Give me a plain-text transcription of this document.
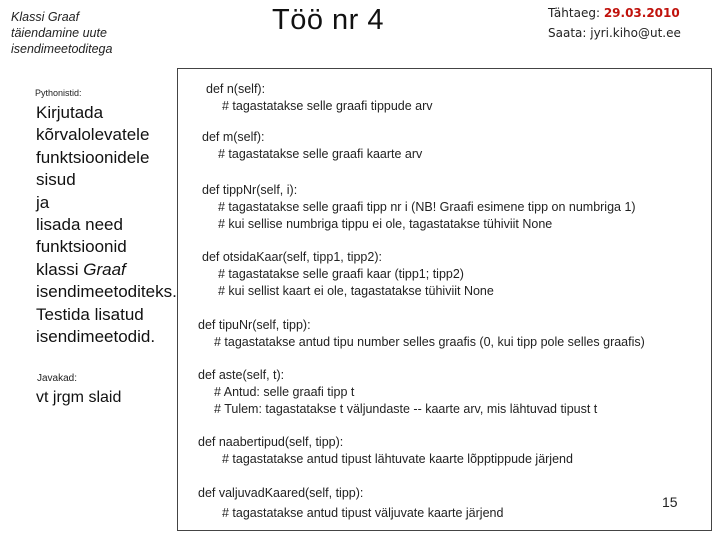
Klassi Graaf
täiendamine uute
isendimeetoditega
Töö nr 4	Tähtaeg: 29.03.2010
Saata: jyri.kiho@ut.ee
Pythonistid:
Kirjutada
kõrvalolevatele
funktsioonidele
sisud
ja
lisada need
funktsioonid
klassi Graaf
isendimeetoditeks.
Testida lisatud
isendimeetodid.
Javakad:
vt jrgm slaid
def n(self):
# tagastatakse selle graafi tippude arv
def m(self):
# tagastatakse selle graafi kaarte arv
def tippNr(self, i):
# tagastatakse selle graafi tipp nr i (NB! Graafi esimene tipp on numbriga 1)
# kui sellise numbriga tippu ei ole, tagastatakse tühiviit None
def otsidaKaar(self, tipp1, tipp2):
# tagastatakse selle graafi kaar (tipp1; tipp2)
# kui sellist kaart ei ole, tagastatakse tühiviit None
def tipuNr(self, tipp):
# tagastatakse antud tipu number selles graafis (0, kui tipp pole selles graafis)
def aste(self, t):
# Antud: selle graafi tipp t
# Tulem: tagastatakse t väljundaste -- kaarte arv, mis lähtuvad tipust t
def naabertipud(self, tipp):
# tagastatakse antud tipust lähtuvate kaarte lõpptippude järjend
def valjuvadKaared(self, tipp):
# tagastatakse antud tipust väljuvate kaarte järjend
15
